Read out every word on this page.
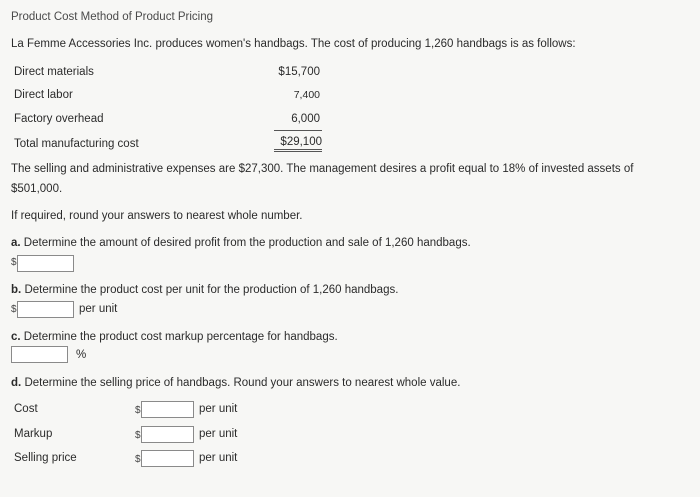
Product Cost Method of Product Pricing
La Femme Accessories Inc. produces women's handbags. The cost of producing 1,260 handbags is as follows:
Direct materials	$15,700
Direct labor	7,400
Factory overhead	6,000
Total manufacturing cost	$29,100
The selling and administrative expenses are $27,300. The management desires a profit equal to 18% of invested assets of
$501,000.
If required, round your answers to nearest whole number.
a. Determine the amount of desired profit from the production and sale of 1,260 handbags.
$
b. Determine the product cost per unit for the production of 1,260 handbags.
$	per unit
c. Determine the product cost markup percentage for handbags.
%
d. Determine the selling price of handbags. Round your answers to nearest whole value.
Cost	$	per unit
Markup	$	per unit
Selling price	$	per unit
